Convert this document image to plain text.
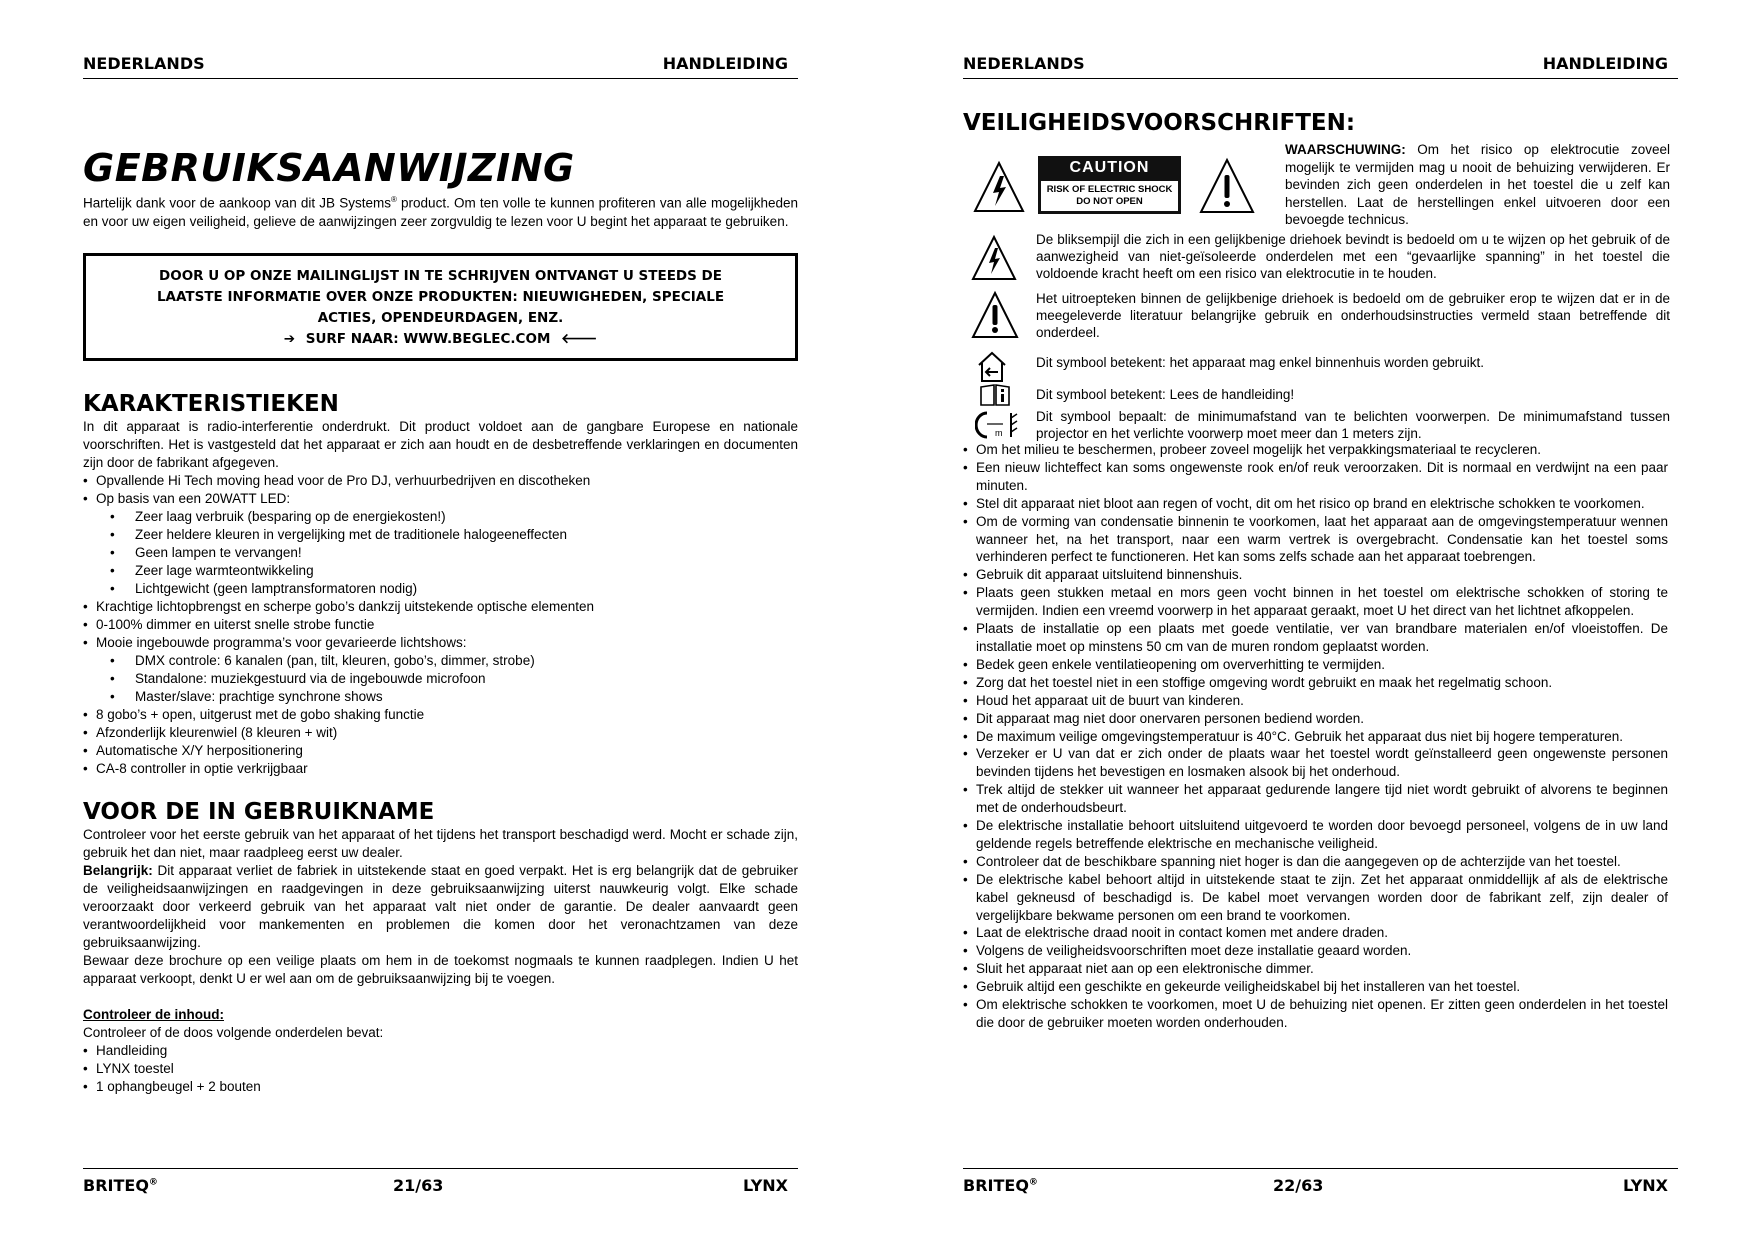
NEDERLANDS	HANDLEIDING
GEBRUIKSAANWIJZING
Hartelijk dank voor de aankoop van dit JB Systems® product. Om ten volle te kunnen profiteren van alle mogelijkheden en voor uw eigen veiligheid, gelieve de aanwijzingen zeer zorgvuldig te lezen voor U begint het apparaat te gebruiken.
DOOR U OP ONZE MAILINGLIJST IN TE SCHRIJVEN ONTVANGT U STEEDS DE
LAATSTE INFORMATIE OVER ONZE PRODUKTEN: NIEUWIGHEDEN, SPECIALE
ACTIES, OPENDEURDAGEN, ENZ.
➔ SURF NAAR: WWW.BEGLEC.COM 🡐
KARAKTERISTIEKEN
In dit apparaat is radio-interferentie onderdrukt. Dit product voldoet aan de gangbare Europese en nationale voorschriften. Het is vastgesteld dat het apparaat er zich aan houdt en de desbetreffende verklaringen en documenten zijn door de fabrikant afgegeven.
• Opvallende Hi Tech moving head voor de Pro DJ, verhuurbedrijven en discotheken
• Op basis van een 20WATT LED:
• Zeer laag verbruik (besparing op de energiekosten!)
• Zeer heldere kleuren in vergelijking met de traditionele halogeeneffecten
• Geen lampen te vervangen!
• Zeer lage warmteontwikkeling
• Lichtgewicht (geen lamptransformatoren nodig)
• Krachtige lichtopbrengst en scherpe gobo’s dankzij uitstekende optische elementen
• 0-100% dimmer en uiterst snelle strobe functie
• Mooie ingebouwde programma’s voor gevarieerde lichtshows:
• DMX controle: 6 kanalen (pan, tilt, kleuren, gobo’s, dimmer, strobe)
• Standalone: muziekgestuurd via de ingebouwde microfoon
• Master/slave: prachtige synchrone shows
• 8 gobo’s + open, uitgerust met de gobo shaking functie
• Afzonderlijk kleurenwiel (8 kleuren + wit)
• Automatische X/Y herpositionering
• CA-8 controller in optie verkrijgbaar
VOOR DE IN GEBRUIKNAME
Controleer voor het eerste gebruik van het apparaat of het tijdens het transport beschadigd werd. Mocht er schade zijn, gebruik het dan niet, maar raadpleeg eerst uw dealer.
Belangrijk: Dit apparaat verliet de fabriek in uitstekende staat en goed verpakt. Het is erg belangrijk dat de gebruiker de veiligheidsaanwijzingen en raadgevingen in deze gebruiksaanwijzing uiterst nauwkeurig volgt. Elke schade veroorzaakt door verkeerd gebruik van het apparaat valt niet onder de garantie. De dealer aanvaardt geen verantwoordelijkheid voor mankementen en problemen die komen door het veronachtzamen van deze gebruiksaanwijzing.
Bewaar deze brochure op een veilige plaats om hem in de toekomst nogmaals te kunnen raadplegen. Indien U het apparaat verkoopt, denkt U er wel aan om de gebruiksaanwijzing bij te voegen.
Controleer de inhoud:
Controleer of de doos volgende onderdelen bevat:
• Handleiding
• LYNX toestel
• 1 ophangbeugel + 2 bouten
BRITEQ®	21/63	LYNX
NEDERLANDS	HANDLEIDING
VEILIGHEIDSVOORSCHRIFTEN:
CAUTION
RISK OF ELECTRIC SHOCK
DO NOT OPEN
WAARSCHUWING: Om het risico op elektrocutie zoveel mogelijk te vermijden mag u nooit de behuizing verwijderen. Er bevinden zich geen onderdelen in het toestel die u zelf kan herstellen. Laat de herstellingen enkel uitvoeren door een bevoegde technicus.
De bliksempijl die zich in een gelijkbenige driehoek bevindt is bedoeld om u te wijzen op het gebruik of de aanwezigheid van niet-geïsoleerde onderdelen met een “gevaarlijke spanning” in het toestel die voldoende kracht heeft om een risico van elektrocutie in te houden.
Het uitroepteken binnen de gelijkbenige driehoek is bedoeld om de gebruiker erop te wijzen dat er in de meegeleverde literatuur belangrijke gebruik en onderhoudsinstructies vermeld staan betreffende dit onderdeel.
Dit symbool betekent: het apparaat mag enkel binnenhuis worden gebruikt.
Dit symbool betekent: Lees de handleiding!
m
Dit symbool bepaalt: de minimumafstand van te belichten voorwerpen. De minimumafstand tussen projector en het verlichte voorwerp moet meer dan 1 meters zijn.
• Om het milieu te beschermen, probeer zoveel mogelijk het verpakkingsmateriaal te recycleren.
• Een nieuw lichteffect kan soms ongewenste rook en/of reuk veroorzaken. Dit is normaal en verdwijnt na een paar minuten.
• Stel dit apparaat niet bloot aan regen of vocht, dit om het risico op brand en elektrische schokken te voorkomen.
• Om de vorming van condensatie binnenin te voorkomen, laat het apparaat aan de omgevingstemperatuur wennen wanneer het, na het transport, naar een warm vertrek is overgebracht. Condensatie kan het toestel soms verhinderen perfect te functioneren. Het kan soms zelfs schade aan het apparaat toebrengen.
• Gebruik dit apparaat uitsluitend binnenshuis.
• Plaats geen stukken metaal en mors geen vocht binnen in het toestel om elektrische schokken of storing te vermijden. Indien een vreemd voorwerp in het apparaat geraakt, moet U het direct van het lichtnet afkoppelen.
• Plaats de installatie op een plaats met goede ventilatie, ver van brandbare materialen en/of vloeistoffen. De installatie moet op minstens 50 cm van de muren rondom geplaatst worden.
• Bedek geen enkele ventilatieopening om oververhitting te vermijden.
• Zorg dat het toestel niet in een stoffige omgeving wordt gebruikt en maak het regelmatig schoon.
• Houd het apparaat uit de buurt van kinderen.
• Dit apparaat mag niet door onervaren personen bediend worden.
• De maximum veilige omgevingstemperatuur is 40°C. Gebruik het apparaat dus niet bij hogere temperaturen.
• Verzeker er U van dat er zich onder de plaats waar het toestel wordt geïnstalleerd geen ongewenste personen bevinden tijdens het bevestigen en losmaken alsook bij het onderhoud.
• Trek altijd de stekker uit wanneer het apparaat gedurende langere tijd niet wordt gebruikt of alvorens te beginnen met de onderhoudsbeurt.
• De elektrische installatie behoort uitsluitend uitgevoerd te worden door bevoegd personeel, volgens de in uw land geldende regels betreffende elektrische en mechanische veiligheid.
• Controleer dat de beschikbare spanning niet hoger is dan die aangegeven op de achterzijde van het toestel.
• De elektrische kabel behoort altijd in uitstekende staat te zijn. Zet het apparaat onmiddellijk af als de elektrische kabel gekneusd of beschadigd is. De kabel moet vervangen worden door de fabrikant zelf, zijn dealer of vergelijkbare bekwame personen om een brand te voorkomen.
• Laat de elektrische draad nooit in contact komen met andere draden.
• Volgens de veiligheidsvoorschriften moet deze installatie geaard worden.
• Sluit het apparaat niet aan op een elektronische dimmer.
• Gebruik altijd een geschikte en gekeurde veiligheidskabel bij het installeren van het toestel.
• Om elektrische schokken te voorkomen, moet U de behuizing niet openen. Er zitten geen onderdelen in het toestel die door de gebruiker moeten worden onderhouden.
BRITEQ®	22/63	LYNX
